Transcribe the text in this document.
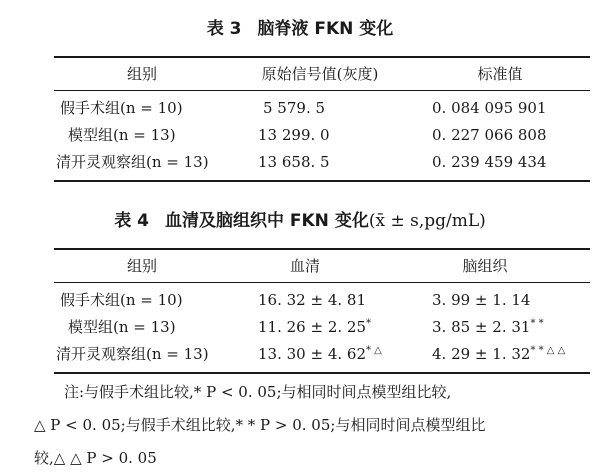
表 3 脑脊液 FKN 变化
组别	原始信号值(灰度)	标准值
假手术组(n = 10)	5 579. 5	0. 084 095 901
模型组(n = 13)	13 299. 0	0. 227 066 808
清开灵观察组(n = 13)	13 658. 5	0. 239 459 434
表 4 血清及脑组织中 FKN 变化(x̄ ± s,pg/mL)
组别	血清	脑组织
假手术组(n = 10)	16. 32 ± 4. 81	3. 99 ± 1. 14
模型组(n = 13)	11. 26 ± 2. 25*	3. 85 ± 2. 31* *
清开灵观察组(n = 13)	13. 30 ± 4. 62* △	4. 29 ± 1. 32* * △ △

注:与假手术组比较,* P < 0. 05;与相同时间点模型组比较,

△ P < 0. 05;与假手术组比较,* * P > 0. 05;与相同时间点模型组比

较,△ △ P > 0. 05
